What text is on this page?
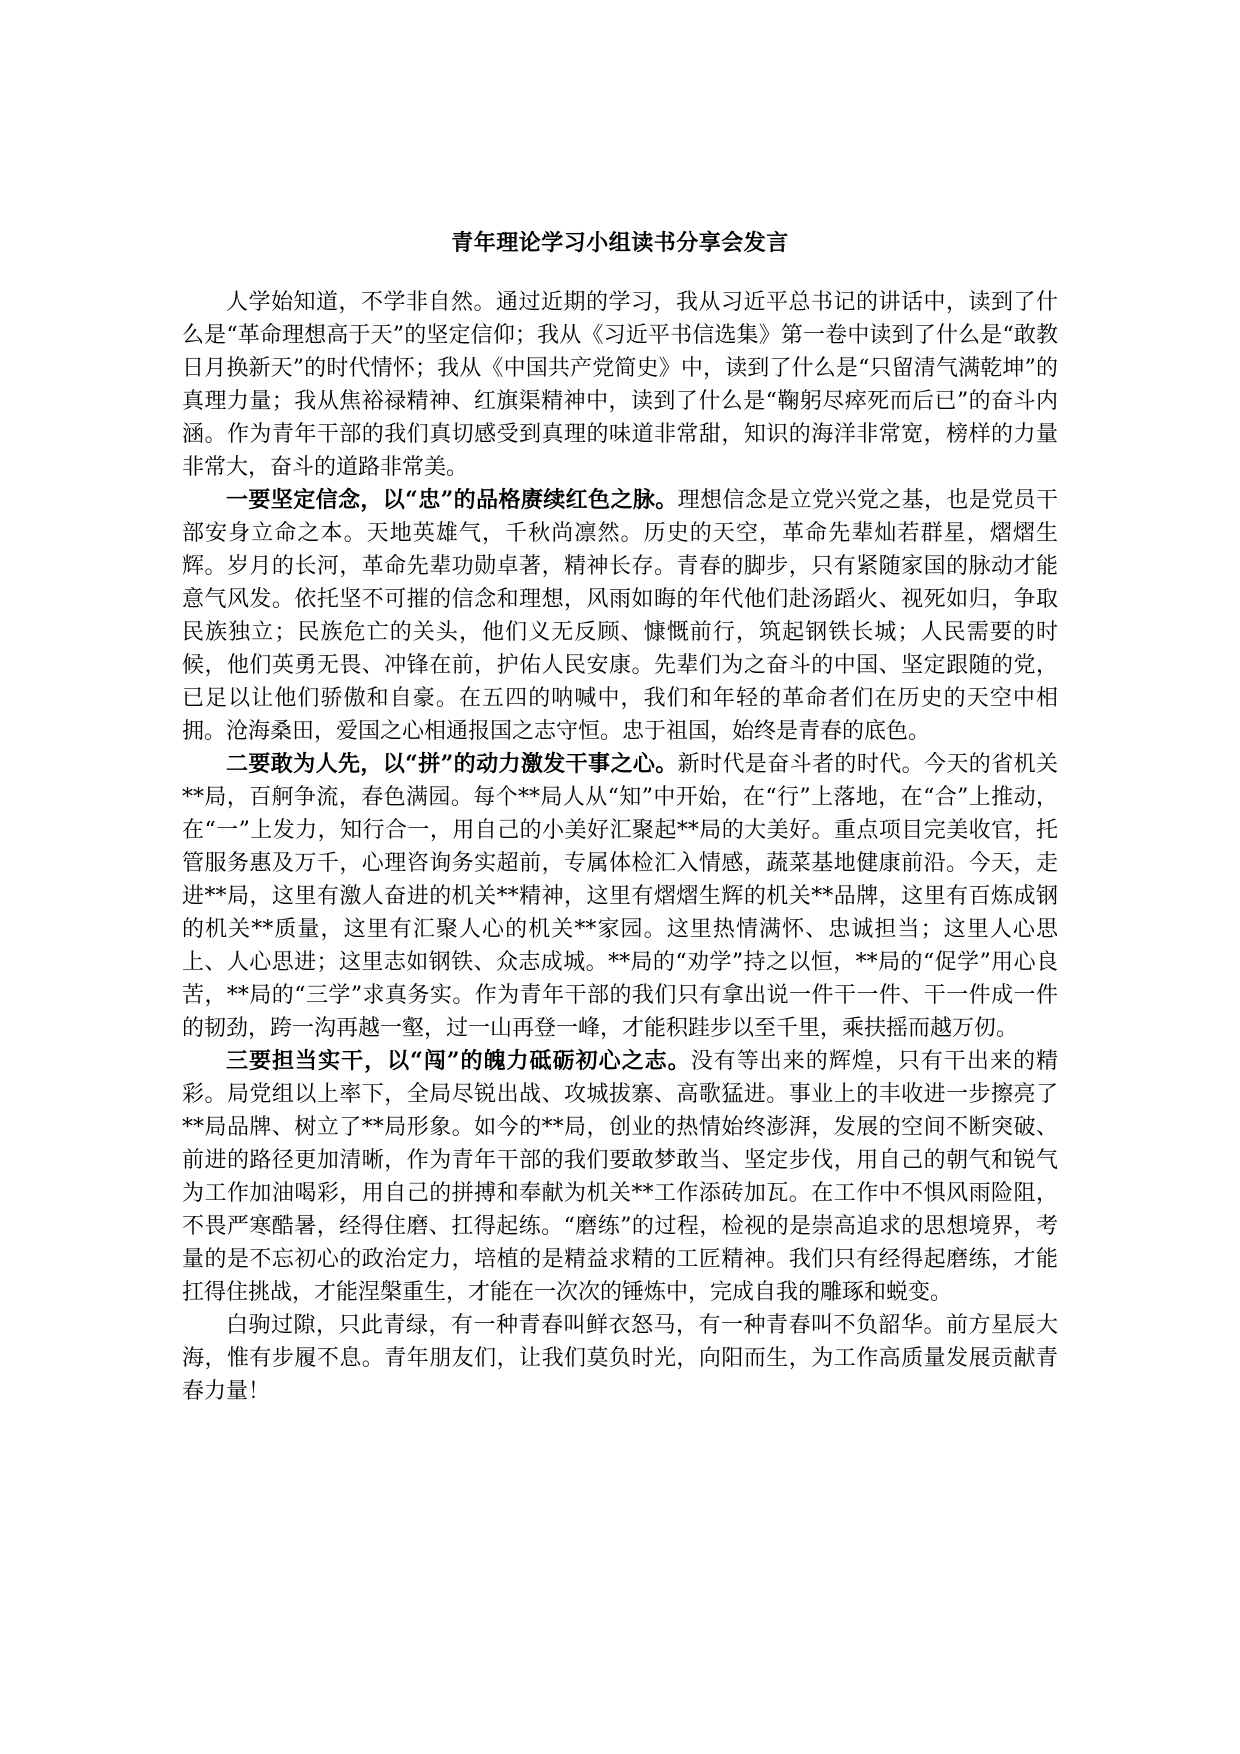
青年理论学习小组读书分享会发言

人学始知道，不学非自然。通过近期的学习，我从习近平总书记的讲话中，读到了什么是“革命理想高于天”的坚定信仰；我从《习近平书信选集》第一卷中读到了什么是“敢教日月换新天”的时代情怀；我从《中国共产党简史》中，读到了什么是“只留清气满乾坤”的真理力量；我从焦裕禄精神、红旗渠精神中，读到了什么是“鞠躬尽瘁死而后已”的奋斗内涵。作为青年干部的我们真切感受到真理的味道非常甜，知识的海洋非常宽，榜样的力量非常大，奋斗的道路非常美。

一要坚定信念，以“忠”的品格赓续红色之脉。理想信念是立党兴党之基，也是党员干部安身立命之本。天地英雄气，千秋尚凛然。历史的天空，革命先辈灿若群星，熠熠生辉。岁月的长河，革命先辈功勋卓著，精神长存。青春的脚步，只有紧随家国的脉动才能意气风发。依托坚不可摧的信念和理想，风雨如晦的年代他们赴汤蹈火、视死如归，争取民族独立；民族危亡的关头，他们义无反顾、慷慨前行，筑起钢铁长城；人民需要的时候，他们英勇无畏、冲锋在前，护佑人民安康。先辈们为之奋斗的中国、坚定跟随的党，已足以让他们骄傲和自豪。在五四的呐喊中，我们和年轻的革命者们在历史的天空中相拥。沧海桑田，爱国之心相通报国之志守恒。忠于祖国，始终是青春的底色。

二要敢为人先，以“拼”的动力激发干事之心。新时代是奋斗者的时代。今天的省机关**局，百舸争流，春色满园。每个**局人从“知”中开始，在“行”上落地，在“合”上推动，在“一”上发力，知行合一，用自己的小美好汇聚起**局的大美好。重点项目完美收官，托管服务惠及万千，心理咨询务实超前，专属体检汇入情感，蔬菜基地健康前沿。今天，走进**局，这里有激人奋进的机关**精神，这里有熠熠生辉的机关**品牌，这里有百炼成钢的机关**质量，这里有汇聚人心的机关**家园。这里热情满怀、忠诚担当；这里人心思上、人心思进；这里志如钢铁、众志成城。**局的“劝学”持之以恒，**局的“促学”用心良苦，**局的“三学”求真务实。作为青年干部的我们只有拿出说一件干一件、干一件成一件的韧劲，跨一沟再越一壑，过一山再登一峰，才能积跬步以至千里，乘扶摇而越万仞。

三要担当实干，以“闯”的魄力砥砺初心之志。没有等出来的辉煌，只有干出来的精彩。局党组以上率下，全局尽锐出战、攻城拔寨、高歌猛进。事业上的丰收进一步擦亮了**局品牌、树立了**局形象。如今的**局，创业的热情始终澎湃，发展的空间不断突破、前进的路径更加清晰，作为青年干部的我们要敢梦敢当、坚定步伐，用自己的朝气和锐气为工作加油喝彩，用自己的拼搏和奉献为机关**工作添砖加瓦。在工作中不惧风雨险阻，不畏严寒酷暑，经得住磨、扛得起练。“磨练”的过程，检视的是崇高追求的思想境界，考量的是不忘初心的政治定力，培植的是精益求精的工匠精神。我们只有经得起磨练，才能扛得住挑战，才能涅槃重生，才能在一次次的锤炼中，完成自我的雕琢和蜕变。

白驹过隙，只此青绿，有一种青春叫鲜衣怒马，有一种青春叫不负韶华。前方星辰大海，惟有步履不息。青年朋友们，让我们莫负时光，向阳而生，为工作高质量发展贡献青春力量！
